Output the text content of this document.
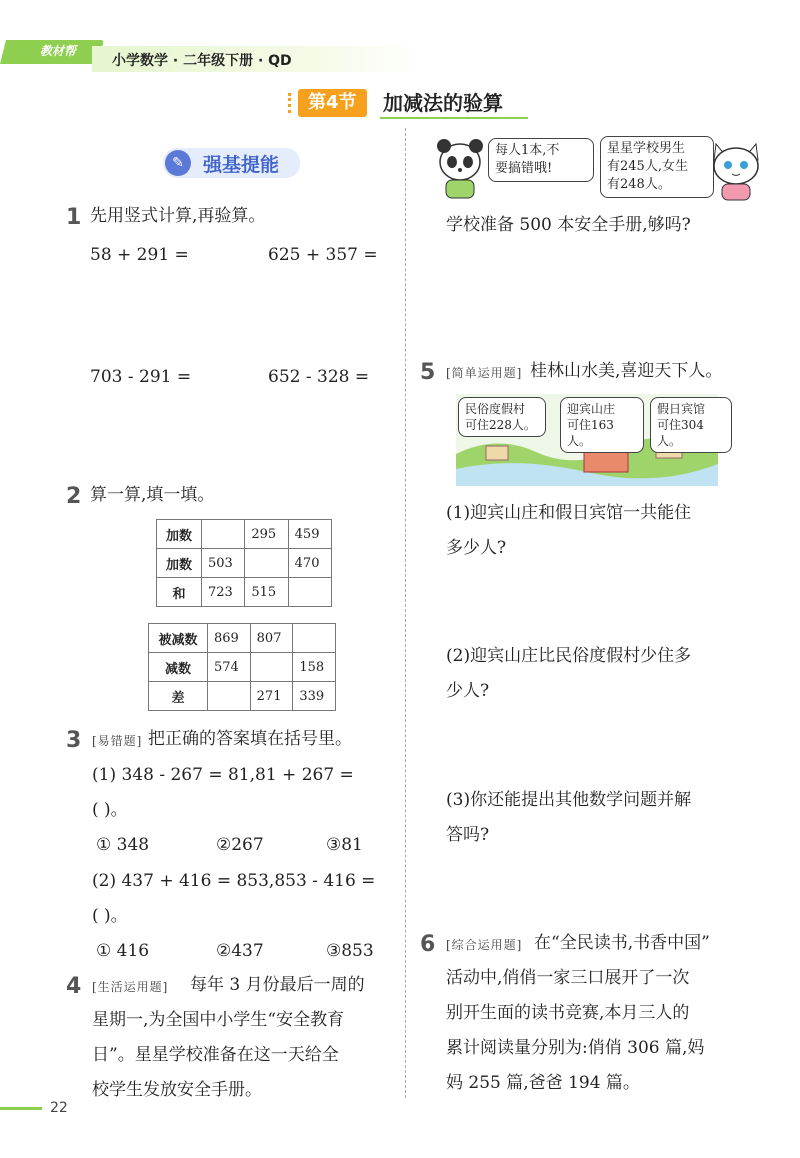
教材帮
小学数学 · 二年级下册 · QD
第4节	加减法的验算
✎	强基提能
1 先用竖式计算,再验算。
58 + 291 =	625 + 357 =
703 - 291 =	652 - 328 =
2 算一算,填一填。
加数		295	459
加数	503		470
和	723	515	
被减数	869	807	
减数	574		158
差		271	339
3 [易错题] 把正确的答案填在括号里。
(1) 348 - 267 = 81,81 + 267 =
( )。
① 348	②267	③81
(2) 437 + 416 = 853,853 - 416 =
( )。
① 416	②437	③853
4 [生活运用题] 每年 3 月份最后一周的
星期一,为全国中小学生“安全教育
日”。星星学校准备在这一天给全
校学生发放安全手册。
每人1本,不
要搞错哦!
星星学校男生
有245人,女生
有248人。
学校准备 500 本安全手册,够吗?
5 [简单运用题] 桂林山水美,喜迎天下人。
民俗度假村
可住228人。
迎宾山庄
可住163人。
假日宾馆
可住304人。
(1)迎宾山庄和假日宾馆一共能住
多少人?
(2)迎宾山庄比民俗度假村少住多
少人?
(3)你还能提出其他数学问题并解
答吗?
6 [综合运用题] 在“全民读书,书香中国”
活动中,俏俏一家三口展开了一次
别开生面的读书竞赛,本月三人的
累计阅读量分别为:俏俏 306 篇,妈
妈 255 篇,爸爸 194 篇。
22
